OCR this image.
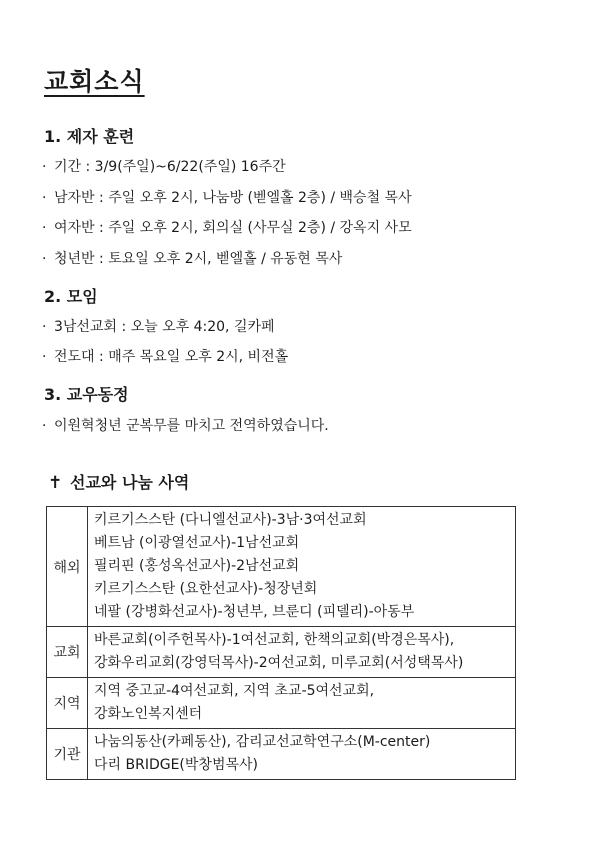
교회소식
1. 제자 훈련
· 기간 : 3/9(주일)~6/22(주일) 16주간
· 남자반 : 주일 오후 2시, 나눔방 (벧엘홀 2층) / 백승철 목사
· 여자반 : 주일 오후 2시, 회의실 (사무실 2층) / 강옥지 사모
· 청년반 : 토요일 오후 2시, 벧엘홀 / 유동현 목사
2. 모임
· 3남선교회 : 오늘 오후 4:20, 길카페
· 전도대 : 매주 목요일 오후 2시, 비전홀
3. 교우동정
· 이원혁청년 군복무를 마치고 전역하였습니다.
✝ 선교와 나눔 사역
해외	키르기스스탄 (다니엘선교사)-3남·3여선교회
베트남 (이광열선교사)-1남선교회
필리핀 (홍성옥선교사)-2남선교회
키르기스스탄 (요한선교사)-청장년회
네팔 (강병화선교사)-청년부, 브룬디 (피델리)-아동부

교회	바른교회(이주헌목사)-1여선교회, 한책의교회(박경은목사),
강화우리교회(강영덕목사)-2여선교회, 미루교회(서성택목사)

지역	지역 중고교-4여선교회, 지역 초교-5여선교회,
강화노인복지센터

기관	나눔의동산(카페동산), 감리교선교학연구소(M-center)
다리 BRIDGE(박창범목사)
